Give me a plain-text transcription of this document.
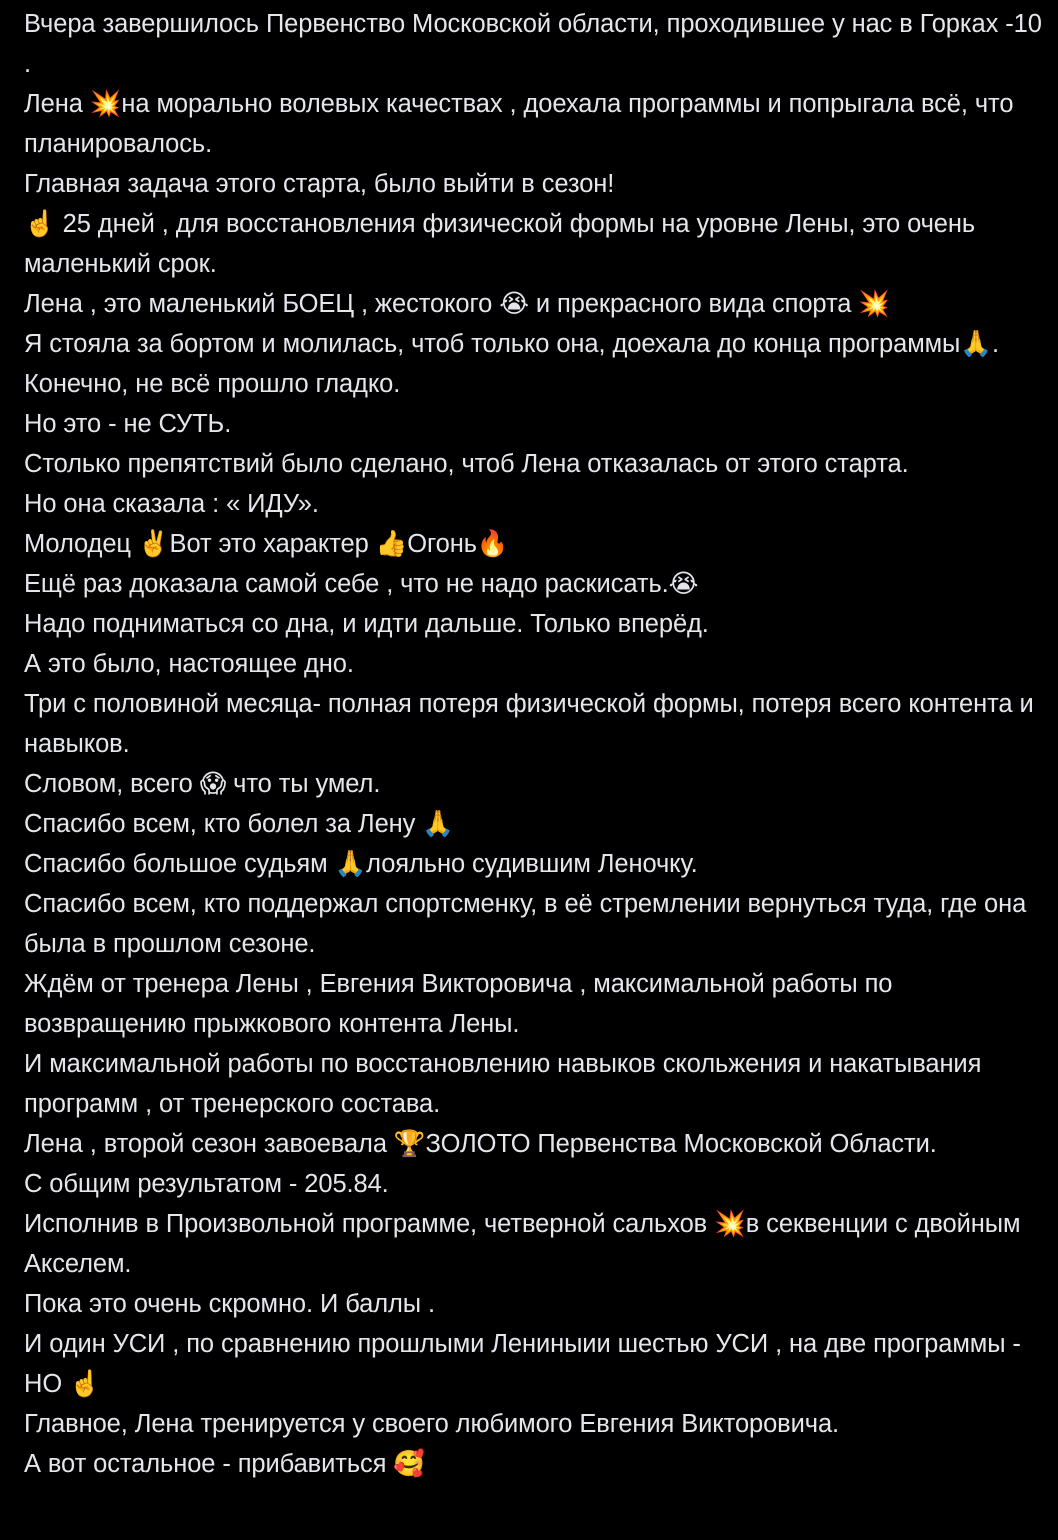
Вчера завершилось Первенство Московской области, проходившее у нас в Горках -10 .

Лена 💥на морально волевых качествах , доехала программы и попрыгала всё, что планировалось.

Главная задача этого старта, было выйти в сезон!

☝️ 25 дней , для восстановления физической формы на уровне Лены, это очень маленький срок.

Лена , это маленький БОЕЦ , жестокого 😭 и прекрасного вида спорта 💥

Я стояла за бортом и молилась, чтоб только она, доехала до конца программы🙏.

Конечно, не всё прошло гладко.

Но это - не СУТЬ.

Столько препятствий было сделано, чтоб Лена отказалась от этого старта.

Но она сказала : « ИДУ».

Молодец ✌️Вот это характер 👍Огонь🔥

Ещё раз доказала самой себе , что не надо раскисать.😭

Надо подниматься со дна, и идти дальше. Только вперёд.

А это было, настоящее дно.

Три с половиной месяца- полная потеря физической формы, потеря всего контента и навыков.

Словом, всего 😱 что ты умел.

Спасибо всем, кто болел за Лену 🙏

Спасибо большое судьям 🙏лояльно судившим Леночку.

Спасибо всем, кто поддержал спортсменку, в её стремлении вернуться туда, где она была в прошлом сезоне.

Ждём от тренера Лены , Евгения Викторовича , максимальной работы по возвращению прыжкового контента Лены.

И максимальной работы по восстановлению навыков скольжения и накатывания программ , от тренерского состава.

Лена , второй сезон завоевала 🏆ЗОЛОТО Первенства Московской Области.

С общим результатом - 205.84.

Исполнив в Произвольной программе, четверной сальхов 💥в секвенции с двойным Акселем.

Пока это очень скромно. И баллы .

И один УСИ , по сравнению прошлыми Лениныии шестью УСИ , на две программы - НО ☝️

Главное, Лена тренируется у своего любимого Евгения Викторовича.

А вот остальное - прибавиться 🥰
